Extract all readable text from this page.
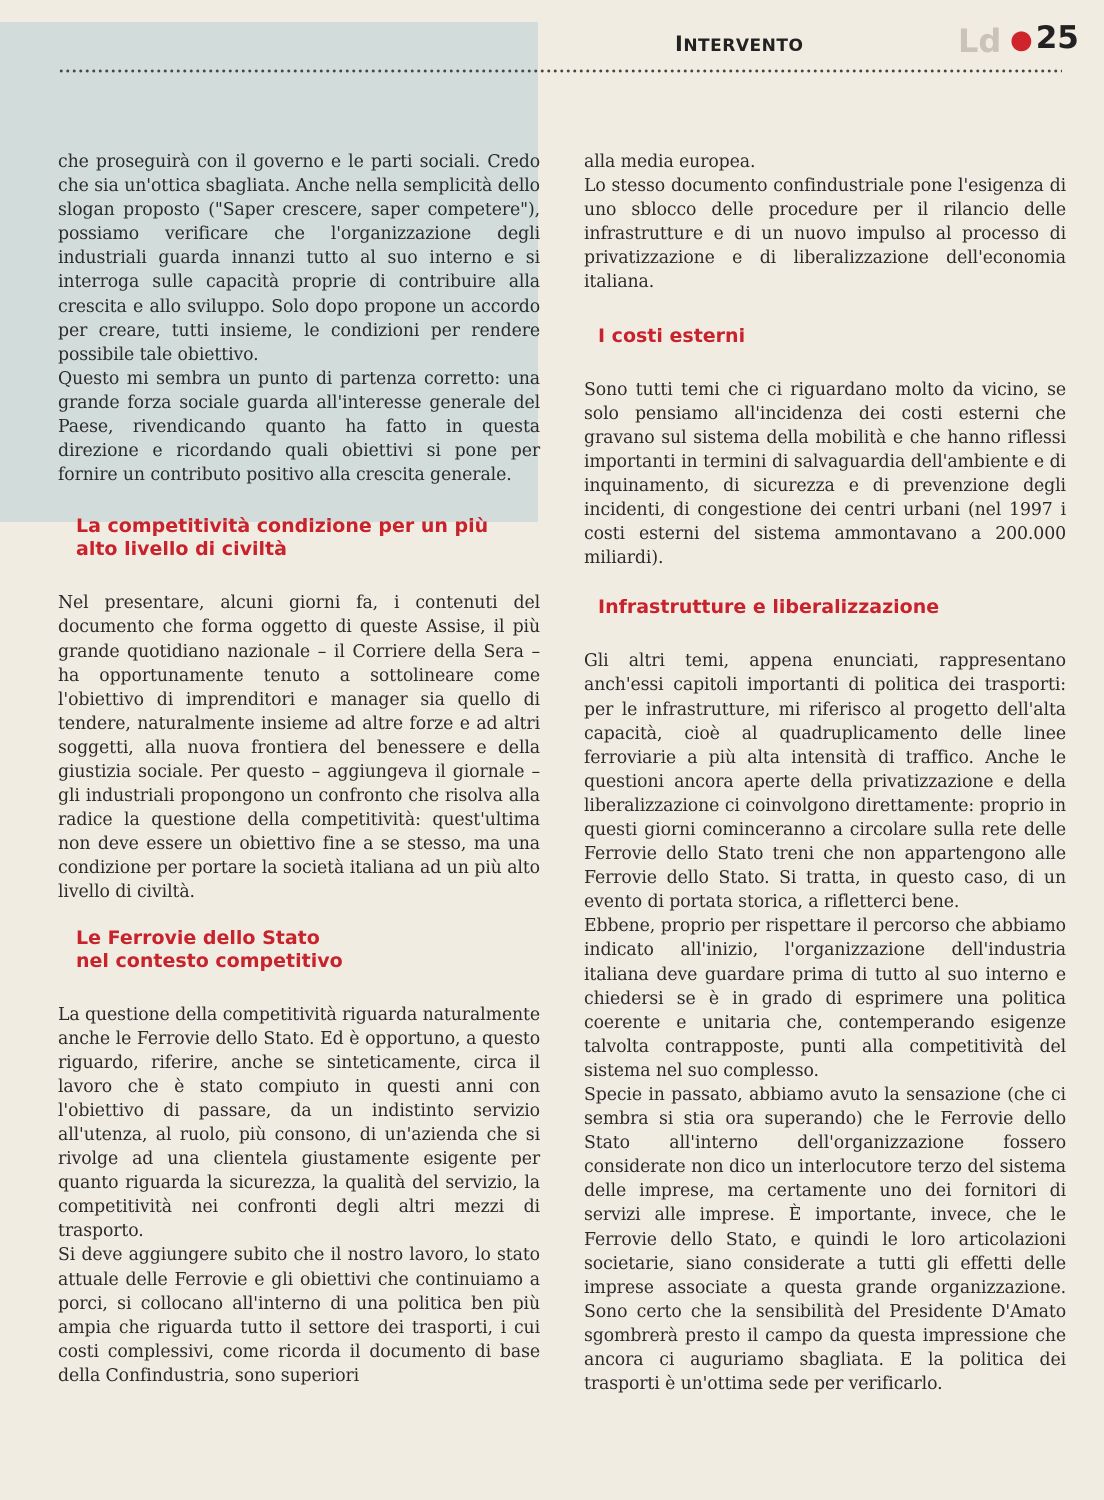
INTERVENTO	Ld ●25

che proseguirà con il governo e le parti sociali. Credo che sia un'ottica sbagliata. Anche nella semplicità dello slogan proposto ("Saper crescere, saper competere"), possiamo verificare che l'organizzazione degli industriali guarda innanzi tutto al suo interno e si interroga sulle capacità proprie di contribuire alla crescita e allo sviluppo. Solo dopo propone un accordo per creare, tutti insieme, le condizioni per rendere possibile tale obiettivo.

Questo mi sembra un punto di partenza corretto: una grande forza sociale guarda all'interesse generale del Paese, rivendicando quanto ha fatto in questa direzione e ricordando quali obiettivi si pone per fornire un contributo positivo alla crescita generale.

La competitività condizione per un più
alto livello di civiltà

Nel presentare, alcuni giorni fa, i contenuti del documento che forma oggetto di queste Assise, il più grande quotidiano nazionale – il Corriere della Sera – ha opportunamente tenuto a sottolineare come l'obiettivo di imprenditori e manager sia quello di tendere, naturalmente insieme ad altre forze e ad altri soggetti, alla nuova frontiera del benessere e della giustizia sociale. Per questo – aggiungeva il giornale – gli industriali propongono un confronto che risolva alla radice la questione della competitività: quest'ultima non deve essere un obiettivo fine a se stesso, ma una condizione per portare la società italiana ad un più alto livello di civiltà.

Le Ferrovie dello Stato
nel contesto competitivo

La questione della competitività riguarda naturalmente anche le Ferrovie dello Stato. Ed è opportuno, a questo riguardo, riferire, anche se sinteticamente, circa il lavoro che è stato compiuto in questi anni con l'obiettivo di passare, da un indistinto servizio all'utenza, al ruolo, più consono, di un'azienda che si rivolge ad una clientela giustamente esigente per quanto riguarda la sicurezza, la qualità del servizio, la competitività nei confronti degli altri mezzi di trasporto.

Si deve aggiungere subito che il nostro lavoro, lo stato attuale delle Ferrovie e gli obiettivi che continuiamo a porci, si collocano all'interno di una politica ben più ampia che riguarda tutto il settore dei trasporti, i cui costi complessivi, come ricorda il documento di base della Confindustria, sono superiori

alla media europea.

Lo stesso documento confindustriale pone l'esigenza di uno sblocco delle procedure per il rilancio delle infrastrutture e di un nuovo impulso al processo di privatizzazione e di liberalizzazione dell'economia italiana.

I costi esterni

Sono tutti temi che ci riguardano molto da vicino, se solo pensiamo all'incidenza dei costi esterni che gravano sul sistema della mobilità e che hanno riflessi importanti in termini di salvaguardia dell'ambiente e di inquinamento, di sicurezza e di prevenzione degli incidenti, di congestione dei centri urbani (nel 1997 i costi esterni del sistema ammontavano a 200.000 miliardi).

Infrastrutture e liberalizzazione

Gli altri temi, appena enunciati, rappresentano anch'essi capitoli importanti di politica dei trasporti: per le infrastrutture, mi riferisco al progetto dell'alta capacità, cioè al quadruplicamento delle linee ferroviarie a più alta intensità di traffico. Anche le questioni ancora aperte della privatizzazione e della liberalizzazione ci coinvolgono direttamente: proprio in questi giorni cominceranno a circolare sulla rete delle Ferrovie dello Stato treni che non appartengono alle Ferrovie dello Stato. Si tratta, in questo caso, di un evento di portata storica, a rifletterci bene.

Ebbene, proprio per rispettare il percorso che abbiamo indicato all'inizio, l'organizzazione dell'industria italiana deve guardare prima di tutto al suo interno e chiedersi se è in grado di esprimere una politica coerente e unitaria che, contemperando esigenze talvolta contrapposte, punti alla competitività del sistema nel suo complesso.

Specie in passato, abbiamo avuto la sensazione (che ci sembra si stia ora superando) che le Ferrovie dello Stato all'interno dell'organizzazione fossero considerate non dico un interlocutore terzo del sistema delle imprese, ma certamente uno dei fornitori di servizi alle imprese. È importante, invece, che le Ferrovie dello Stato, e quindi le loro articolazioni societarie, siano considerate a tutti gli effetti delle imprese associate a questa grande organizzazione. Sono certo che la sensibilità del Presidente D'Amato sgombrerà presto il campo da questa impressione che ancora ci auguriamo sbagliata. E la politica dei trasporti è un'ottima sede per verificarlo.
